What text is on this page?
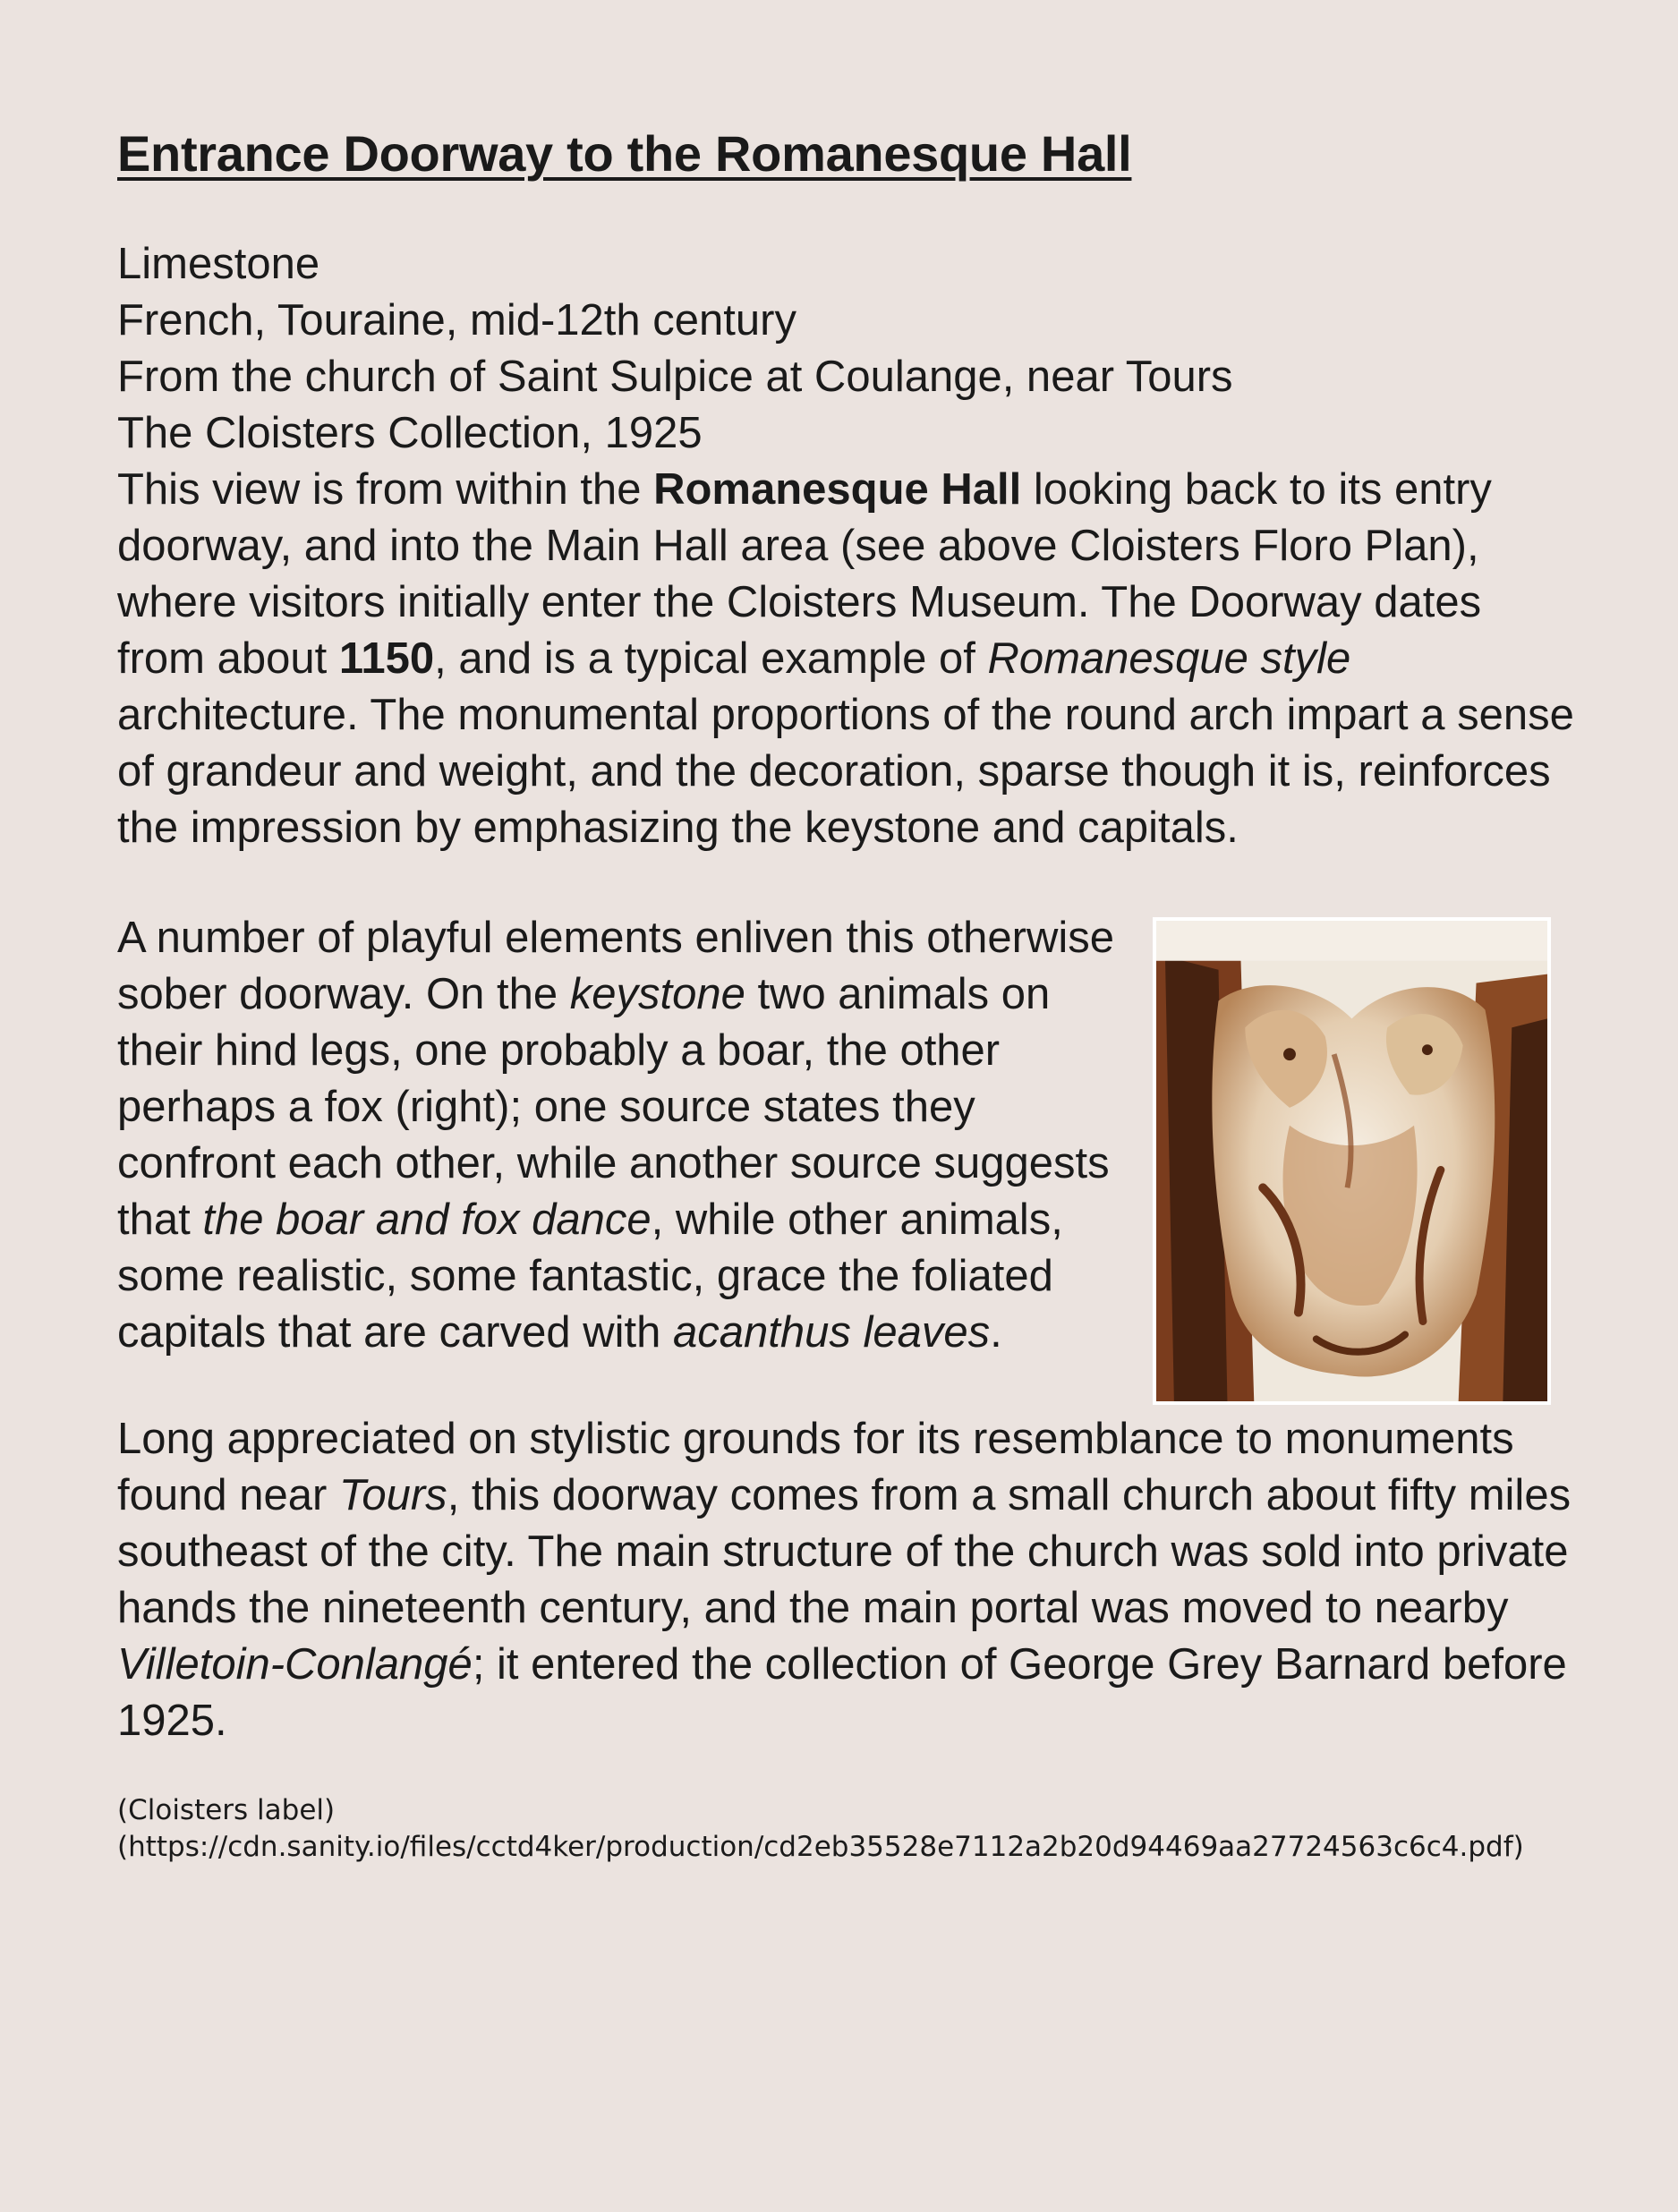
Entrance Doorway to the Romanesque Hall
Limestone
French, Touraine, mid-12th century
From the church of Saint Sulpice at Coulange, near Tours
The Cloisters Collection, 1925

This view is from within the Romanesque Hall looking back to its entry doorway, and into the Main Hall area (see above Cloisters Floro Plan), where visitors initially enter the Cloisters Museum. The Doorway dates from about 1150, and is a typical example of Romanesque style architecture. The monumental proportions of the round arch impart a sense of grandeur and weight, and the decoration, sparse though it is, reinforces the impression by emphasizing the keystone and capitals.

A number of playful elements enliven this otherwise sober doorway. On the keystone two animals on their hind legs, one probably a boar, the other perhaps a fox (right); one source states they confront each other, while another source suggests that the boar and fox dance, while other animals, some realistic, some fantastic, grace the foliated capitals that are carved with acanthus leaves.

Long appreciated on stylistic grounds for its resemblance to monuments found near Tours, this doorway comes from a small church about fifty miles southeast of the city. The main structure of the church was sold into private hands the nineteenth century, and the main portal was moved to nearby Villetoin-Conlangé; it entered the collection of George Grey Barnard before 1925.

(Cloisters label)
(https://cdn.sanity.io/files/cctd4ker/production/cd2eb35528e7112a2b20d94469aa27724563c6c4.pdf)
